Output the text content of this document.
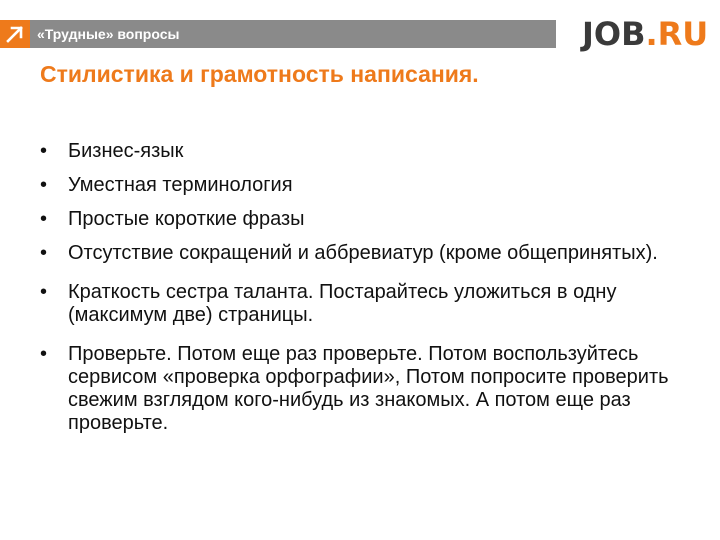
«Трудные» вопросы	JOB.RU
Стилистика и грамотность написания.
• Бизнес-язык
• Уместная терминология
• Простые короткие фразы
• Отсутствие сокращений и аббревиатур (кроме общепринятых).
• Краткость сестра таланта. Постарайтесь уложиться в одну (максимум две) страницы.
• Проверьте. Потом еще раз проверьте. Потом воспользуйтесь сервисом «проверка орфографии», Потом попросите проверить свежим взглядом кого-нибудь из знакомых. А потом еще раз проверьте.
